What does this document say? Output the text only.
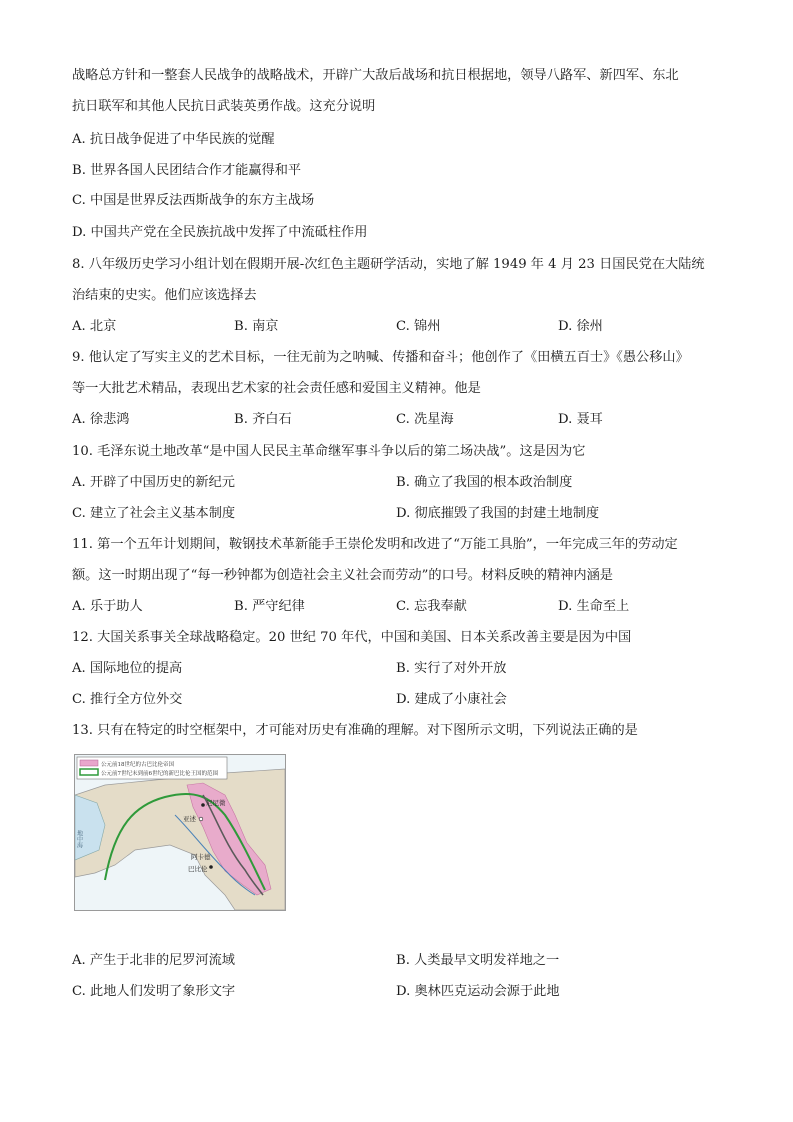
战略总方针和一整套人民战争的战略战术，开辟广大敌后战场和抗日根据地，领导八路军、新四军、东北
抗日联军和其他人民抗日武装英勇作战。这充分说明
A. 抗日战争促进了中华民族的觉醒
B. 世界各国人民团结合作才能赢得和平
C. 中国是世界反法西斯战争的东方主战场
D. 中国共产党在全民族抗战中发挥了中流砥柱作用
8. 八年级历史学习小组计划在假期开展-次红色主题研学活动，实地了解 1949 年 4 月 23 日国民党在大陆统
治结束的史实。他们应该选择去
A. 北京	B. 南京	C. 锦州	D. 徐州
9. 他认定了写实主义的艺术目标，一往无前为之呐喊、传播和奋斗；他创作了《田横五百士》《愚公移山》
等一大批艺术精品，表现出艺术家的社会责任感和爱国主义精神。他是
A. 徐悲鸿	B. 齐白石	C. 冼星海	D. 聂耳
10. 毛泽东说土地改革“是中国人民民主革命继军事斗争以后的第二场决战”。这是因为它
A. 开辟了中国历史的新纪元	B. 确立了我国的根本政治制度
C. 建立了社会主义基本制度	D. 彻底摧毁了我国的封建土地制度
11. 第一个五年计划期间，鞍钢技术革新能手王崇伦发明和改进了“万能工具胎”，一年完成三年的劳动定
额。这一时期出现了“每一秒钟都为创造社会主义社会而劳动”的口号。材料反映的精神内涵是
A. 乐于助人	B. 严守纪律	C. 忘我奉献	D. 生命至上
12. 大国关系事关全球战略稳定。20 世纪 70 年代，中国和美国、日本关系改善主要是因为中国
A. 国际地位的提高	B. 实行了对外开放
C. 推行全方位外交	D. 建成了小康社会
13. 只有在特定的时空框架中，才可能对历史有准确的理解。对下图所示文明，下列说法正确的是
地中海
公元前18世纪的古巴比伦帝国
公元前7世纪末到前6世纪的新巴比伦王国的范围
尼尼微
亚述
阿卡德
巴比伦
A. 产生于北非的尼罗河流域	B. 人类最早文明发祥地之一
C. 此地人们发明了象形文字	D. 奥林匹克运动会源于此地
